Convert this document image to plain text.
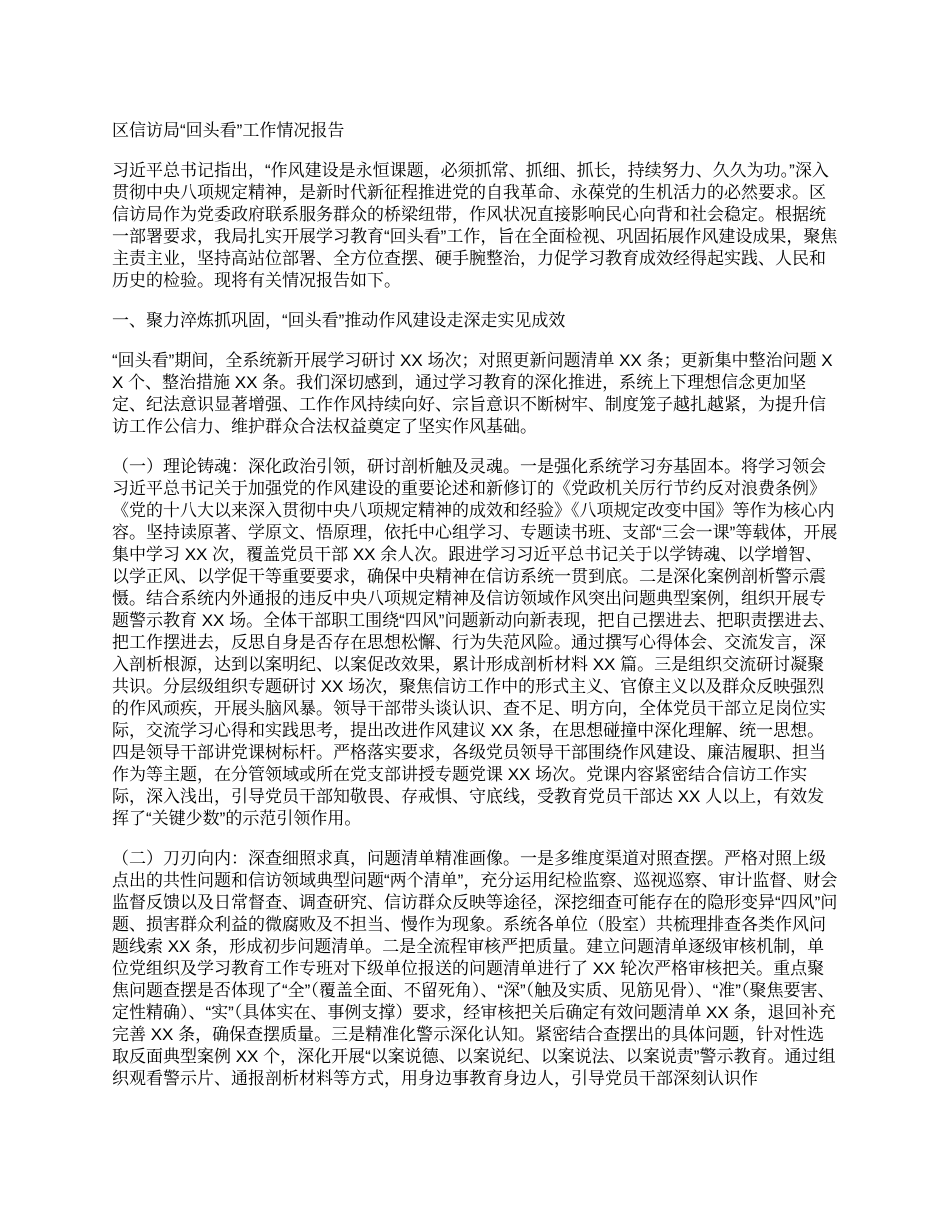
区信访局“回头看”工作情况报告

习近平总书记指出，“作风建设是永恒课题，必须抓常、抓细、抓长，持续努力、久久为功。”深入贯彻中央八项规定精神，是新时代新征程推进党的自我革命、永葆党的生机活力的必然要求。区信访局作为党委政府联系服务群众的桥梁纽带，作风状况直接影响民心向背和社会稳定。根据统一部署要求，我局扎实开展学习教育“回头看”工作，旨在全面检视、巩固拓展作风建设成果，聚焦主责主业，坚持高站位部署、全方位查摆、硬手腕整治，力促学习教育成效经得起实践、人民和历史的检验。现将有关情况报告如下。

一、聚力淬炼抓巩固，“回头看”推动作风建设走深走实见成效

“回头看”期间，全系统新开展学习研讨 XX 场次；对照更新问题清单 XX 条；更新集中整治问题 XX 个、整治措施 XX 条。我们深切感到，通过学习教育的深化推进，系统上下理想信念更加坚定、纪法意识显著增强、工作作风持续向好、宗旨意识不断树牢、制度笼子越扎越紧，为提升信访工作公信力、维护群众合法权益奠定了坚实作风基础。

（一）理论铸魂：深化政治引领，研讨剖析触及灵魂。一是强化系统学习夯基固本。将学习领会习近平总书记关于加强党的作风建设的重要论述和新修订的《党政机关厉行节约反对浪费条例》《党的十八大以来深入贯彻中央八项规定精神的成效和经验》《八项规定改变中国》等作为核心内容。坚持读原著、学原文、悟原理，依托中心组学习、专题读书班、支部“三会一课”等载体，开展集中学习 XX 次，覆盖党员干部 XX 余人次。跟进学习习近平总书记关于以学铸魂、以学增智、以学正风、以学促干等重要要求，确保中央精神在信访系统一贯到底。二是深化案例剖析警示震慑。结合系统内外通报的违反中央八项规定精神及信访领域作风突出问题典型案例，组织开展专题警示教育 XX 场。全体干部职工围绕“四风”问题新动向新表现，把自己摆进去、把职责摆进去、把工作摆进去，反思自身是否存在思想松懈、行为失范风险。通过撰写心得体会、交流发言，深入剖析根源，达到以案明纪、以案促改效果，累计形成剖析材料 XX 篇。三是组织交流研讨凝聚共识。分层级组织专题研讨 XX 场次，聚焦信访工作中的形式主义、官僚主义以及群众反映强烈的作风顽疾，开展头脑风暴。领导干部带头谈认识、查不足、明方向，全体党员干部立足岗位实际，交流学习心得和实践思考，提出改进作风建议 XX 条，在思想碰撞中深化理解、统一思想。四是领导干部讲党课树标杆。严格落实要求，各级党员领导干部围绕作风建设、廉洁履职、担当作为等主题，在分管领域或所在党支部讲授专题党课 XX 场次。党课内容紧密结合信访工作实际，深入浅出，引导党员干部知敬畏、存戒惧、守底线，受教育党员干部达 XX 人以上，有效发挥了“关键少数”的示范引领作用。

（二）刀刃向内：深查细照求真，问题清单精准画像。一是多维度渠道对照查摆。严格对照上级点出的共性问题和信访领域典型问题“两个清单”，充分运用纪检监察、巡视巡察、审计监督、财会监督反馈以及日常督查、调查研究、信访群众反映等途径，深挖细查可能存在的隐形变异“四风”问题、损害群众利益的微腐败及不担当、慢作为现象。系统各单位（股室）共梳理排查各类作风问题线索 XX 条，形成初步问题清单。二是全流程审核严把质量。建立问题清单逐级审核机制，单位党组织及学习教育工作专班对下级单位报送的问题清单进行了 XX 轮次严格审核把关。重点聚焦问题查摆是否体现了“全”（覆盖全面、不留死角）、“深”（触及实质、见筋见骨）、“准”（聚焦要害、定性精确）、“实”（具体实在、事例支撑）要求，经审核把关后确定有效问题清单 XX 条，退回补充完善 XX 条，确保查摆质量。三是精准化警示深化认知。紧密结合查摆出的具体问题，针对性选取反面典型案例 XX 个，深化开展“以案说德、以案说纪、以案说法、以案说责”警示教育。通过组织观看警示片、通报剖析材料等方式，用身边事教育身边人，引导党员干部深刻认识作
